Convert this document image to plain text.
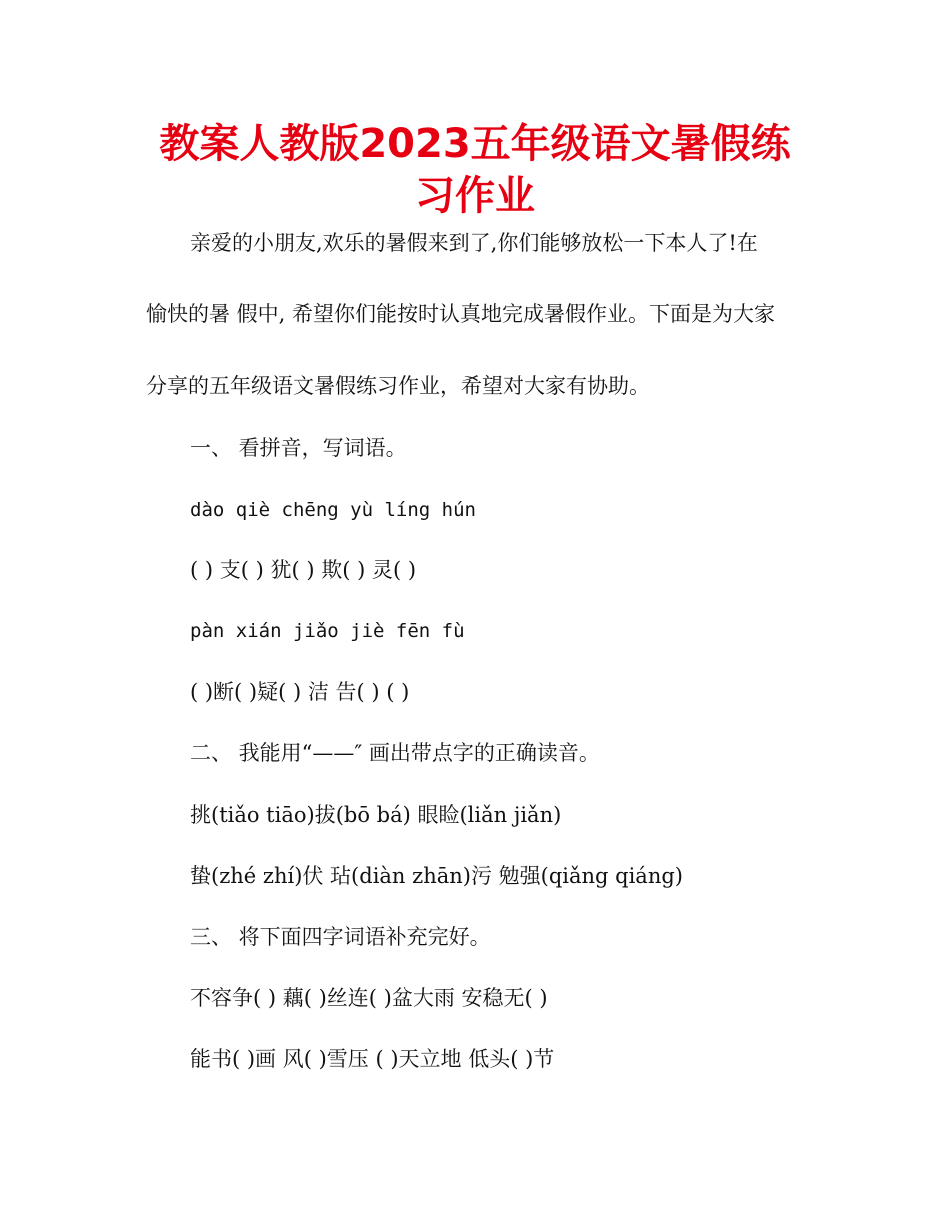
教案人教版2023五年级语文暑假练习作业
亲爱的小朋友,欢乐的暑假来到了,你们能够放松一下本人了!在
愉快的暑 假中, 希望你们能按时认真地完成暑假作业。下面是为大家
分享的五年级语文暑假练习作业，希望对大家有协助。
一、 看拼音，写词语。
dào qiè chēng yù líng hún
( ) 支( ) 犹( ) 欺( ) 灵( )
pàn xián jiǎo jiè fēn fù
( )断( )疑( ) 洁 告( ) ( )
二、 我能用“——″ 画出带点字的正确读音。
挑(tiǎo tiāo)拔(bō bá) 眼睑(liǎn jiǎn)
蛰(zhé zhí)伏 玷(diàn zhān)污 勉强(qiǎng qiáng)
三、 将下面四字词语补充完好。
不容争( ) 藕( )丝连( )盆大雨 安稳无( )
能书( )画 风( )雪压 ( )天立地 低头( )节
